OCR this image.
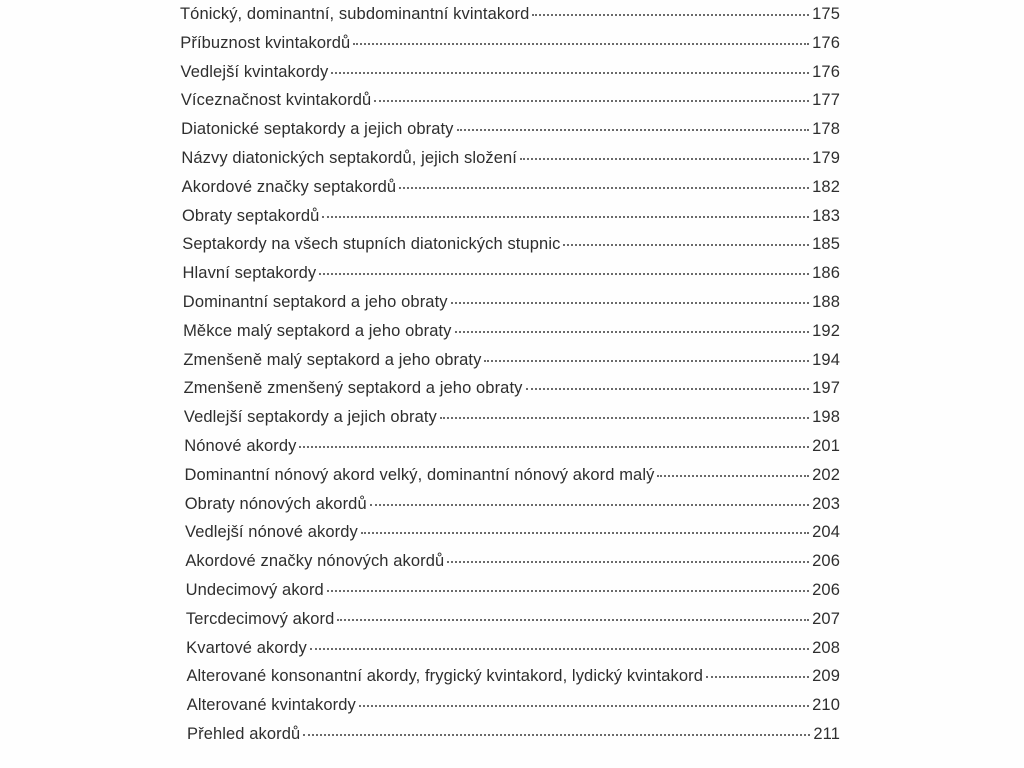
Tónický, dominantní, subdominantní kvintakord	175
Příbuznost kvintakordů	176
Vedlejší kvintakordy	176
Víceznačnost kvintakordů	177
Diatonické septakordy a jejich obraty	178
Názvy diatonických septakordů, jejich složení	179
Akordové značky septakordů	182
Obraty septakordů	183
Septakordy na všech stupních diatonických stupnic	185
Hlavní septakordy	186
Dominantní septakord a jeho obraty	188
Měkce malý septakord a jeho obraty	192
Zmenšeně malý septakord a jeho obraty	194
Zmenšeně zmenšený septakord a jeho obraty	197
Vedlejší septakordy a jejich obraty	198
Nónové akordy	201
Dominantní nónový akord velký, dominantní nónový akord malý	202
Obraty nónových akordů	203
Vedlejší nónové akordy	204
Akordové značky nónových akordů	206
Undecimový akord	206
Tercdecimový akord	207
Kvartové akordy	208
Alterované konsonantní akordy, frygický kvintakord, lydický kvintakord	209
Alterované kvintakordy	210
Přehled akordů	211
